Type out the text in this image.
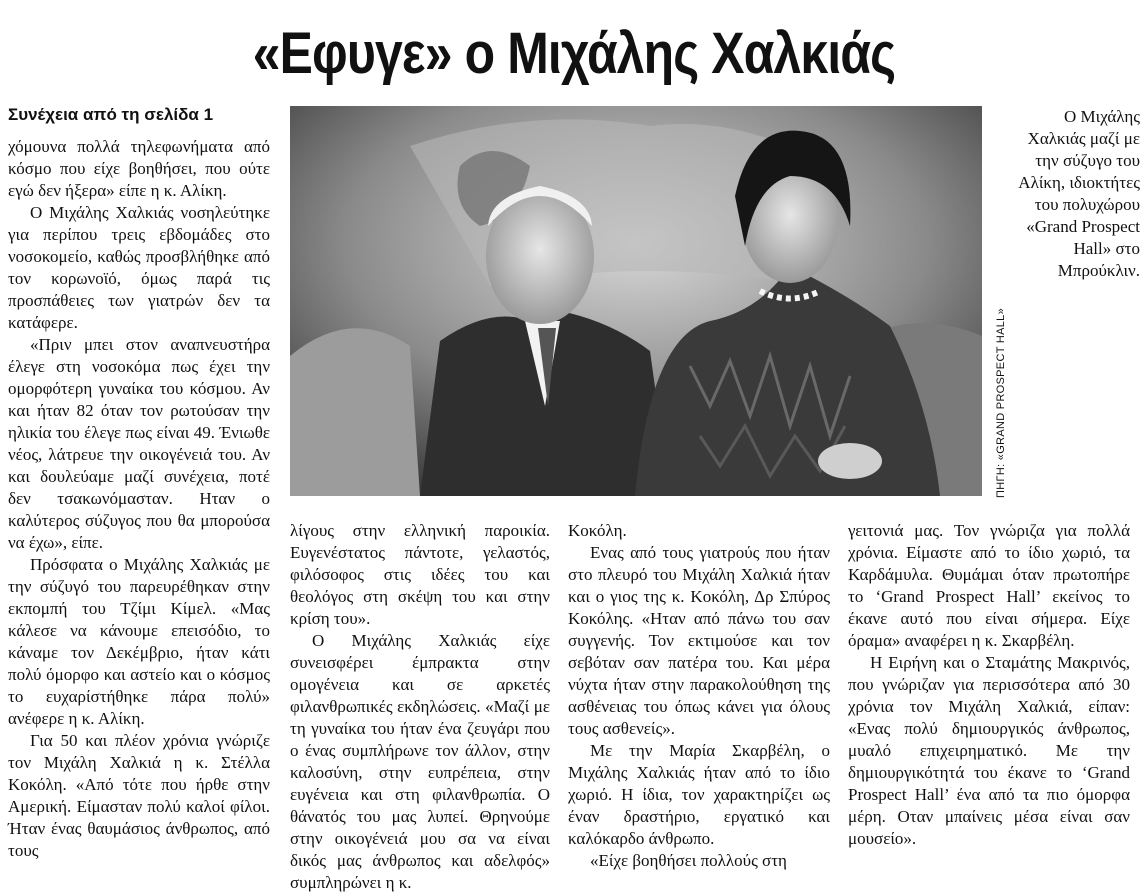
«Εφυγε» ο Μιχάλης Χαλκιάς
Συνέχεια από τη σελίδα 1

χόμουνα πολλά τηλεφωνήματα από κόσμο που είχε βοηθήσει, που ούτε εγώ δεν ήξερα» είπε η κ. Αλίκη.

Ο Μιχάλης Χαλκιάς νοσηλεύτηκε για περίπου τρεις εβδομάδες στο νοσοκομείο, καθώς προσβλήθηκε από τον κορωνοϊό, όμως παρά τις προσπάθειες των γιατρών δεν τα κατάφερε.

«Πριν μπει στον αναπνευστήρα έλεγε στη νοσοκόμα πως έχει την ομορφότερη γυναίκα του κόσμου. Αν και ήταν 82 όταν τον ρωτούσαν την ηλικία του έλεγε πως είναι 49. Ένιωθε νέος, λάτρευε την οικογένειά του. Αν και δουλεύαμε μαζί συνέχεια, ποτέ δεν τσακωνόμασταν. Ηταν ο καλύτερος σύζυγος που θα μπορούσα να έχω», είπε.

Πρόσφατα ο Μιχάλης Χαλκιάς με την σύζυγό του παρευρέθηκαν στην εκπομπή του Τζίμι Κίμελ. «Μας κάλεσε να κάνουμε επεισόδιο, το κάναμε τον Δεκέμβριο, ήταν κάτι πολύ όμορφο και αστείο και ο κόσμος το ευχαρίστήθηκε πάρα πολύ» ανέφερε η κ. Αλίκη.

Για 50 και πλέον χρόνια γνώριζε τον Μιχάλη Χαλκιά η κ. Στέλλα Κοκόλη. «Από τότε που ήρθε στην Αμερική. Είμασταν πολύ καλοί φίλοι. Ήταν ένας θαυμάσιος άνθρωπος, από τους

ΠΗΓΗ: «GRAND PROSPECT HALL»
Ο Μιχάλης Χαλκιάς μαζί με την σύζυγο του Αλίκη, ιδιοκτήτες του πολυχώρου «Grand Prospect Hall» στο Μπρούκλιν.

λίγους στην ελληνική παροικία. Ευγενέστατος πάντοτε, γελαστός, φιλόσοφος στις ιδέες του και θεολόγος στη σκέψη του και στην κρίση του».

Ο Μιχάλης Χαλκιάς είχε συνεισφέρει έμπρακτα στην ομογένεια και σε αρκετές φιλανθρωπικές εκδηλώσεις. «Μαζί με τη γυναίκα του ήταν ένα ζευγάρι που ο ένας συμπλήρωνε τον άλλον, στην καλοσύνη, στην ευπρέπεια, στην ευγένεια και στη φιλανθρωπία. Ο θάνατός του μας λυπεί. Θρηνούμε στην οικογένειά μου σα να είναι δικός μας άνθρωπος και αδελφός» συμπληρώνει η κ.

Κοκόλη.

Ενας από τους γιατρούς που ήταν στο πλευρό του Μιχάλη Χαλκιά ήταν και ο γιος της κ. Κοκόλη, Δρ Σπύρος Κοκόλης. «Ηταν από πάνω του σαν συγγενής. Τον εκτιμούσε και τον σεβόταν σαν πατέρα του. Και μέρα νύχτα ήταν στην παρακολούθηση της ασθένειας του όπως κάνει για όλους τους ασθενείς».

Με την Μαρία Σκαρβέλη, ο Μιχάλης Χαλκιάς ήταν από το ίδιο χωριό. Η ίδια, τον χαρακτηρίζει ως έναν δραστήριο, εργατικό και καλόκαρδο άνθρωπο.

«Είχε βοηθήσει πολλούς στη

γειτονιά μας. Τον γνώριζα για πολλά χρόνια. Είμαστε από το ίδιο χωριό, τα Καρδάμυλα. Θυμάμαι όταν πρωτοπήρε το ‘Grand Prospect Hall’ εκείνος το έκανε αυτό που είναι σήμερα. Είχε όραμα» αναφέρει η κ. Σκαρβέλη.

Η Ειρήνη και ο Σταμάτης Μακρινός, που γνώριζαν για περισσότερα από 30 χρόνια τον Μιχάλη Χαλκιά, είπαν: «Ενας πολύ δημιουργικός άνθρωπος, μυαλό επιχειρηματικό. Με την δημιουργικότητά του έκανε το ‘Grand Prospect Hall’ ένα από τα πιο όμορφα μέρη. Οταν μπαίνεις μέσα είναι σαν μουσείο».
